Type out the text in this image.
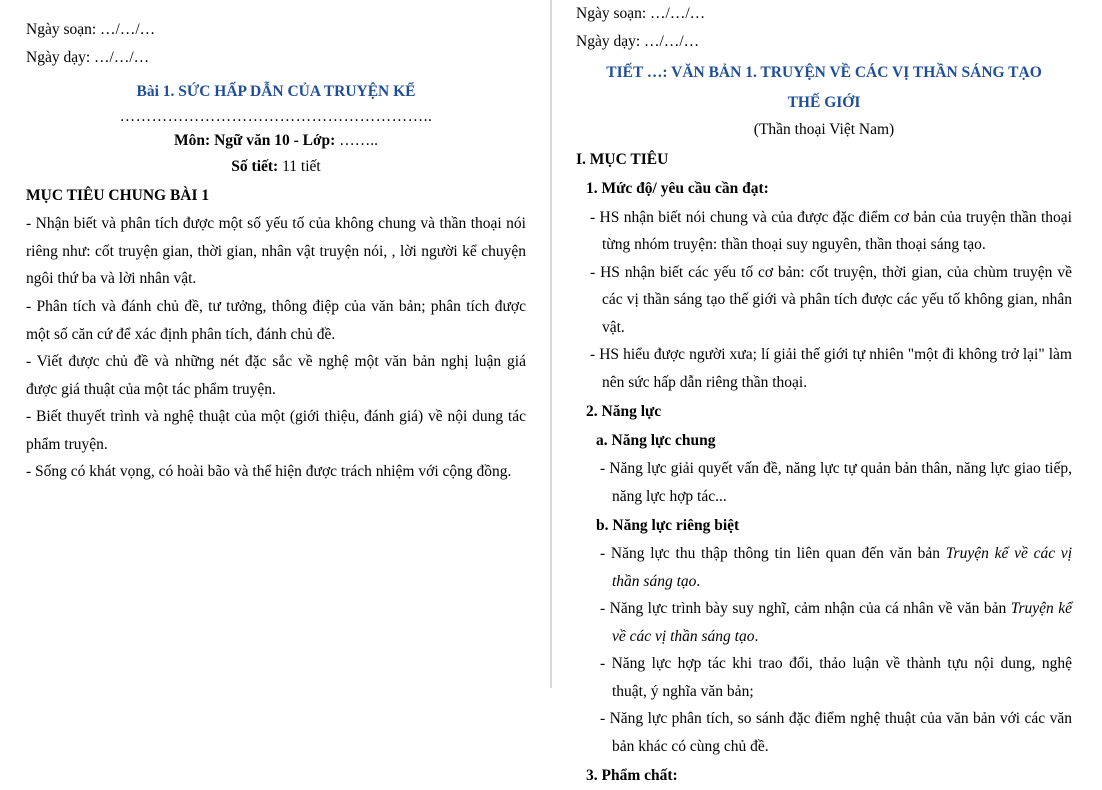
Ngày soạn: …/…/…
Ngày dạy: …/…/…
Bài 1. SỨC HẤP DẪN CỦA TRUYỆN KỂ
…………………………………………………..
Môn: Ngữ văn 10 - Lớp: ……..
Số tiết: 11 tiết
MỤC TIÊU CHUNG BÀI 1
- Nhận biết và phân tích được một số yếu tố của không chung và thần thoại nói riêng như: cốt truyện gian, thời gian, nhân vật truyện nói, , lời người kể chuyện ngôi thứ ba và lời nhân vật.
- Phân tích và đánh chủ đề, tư tưởng, thông điệp của văn bản; phân tích được một số căn cứ để xác định phân tích, đánh chủ đề.
- Viết được chủ đề và những nét đặc sắc về nghệ một văn bản nghị luận giá được giá thuật của một tác phẩm truyện.
- Biết thuyết trình và nghệ thuật của một (giới thiệu, đánh giá) về nội dung tác phẩm truyện.
- Sống có khát vọng, có hoài bão và thể hiện được trách nhiệm với cộng đồng.
Ngày soạn: …/…/…
Ngày dạy: …/…/…
TIẾT …: VĂN BẢN 1. TRUYỆN VỀ CÁC VỊ THẦN SÁNG TẠO
THẾ GIỚI
(Thần thoại Việt Nam)
I. MỤC TIÊU
1. Mức độ/ yêu cầu cần đạt:
- HS nhận biết nói chung và của được đặc điểm cơ bản của truyện thần thoại từng nhóm truyện: thần thoại suy nguyên, thần thoại sáng tạo.
- HS nhận biết các yếu tố cơ bản: cốt truyện, thời gian, của chùm truyện về các vị thần sáng tạo thế giới và phân tích được các yếu tố không gian, nhân vật.
- HS hiểu được người xưa; lí giải thế giới tự nhiên "một đi không trở lại" làm nên sức hấp dẫn riêng thần thoại.
2. Năng lực
a. Năng lực chung
- Năng lực giải quyết vấn đề, năng lực tự quản bản thân, năng lực giao tiếp, năng lực hợp tác...
b. Năng lực riêng biệt
- Năng lực thu thập thông tin liên quan đến văn bản Truyện kể về các vị thần sáng tạo.
- Năng lực trình bày suy nghĩ, cảm nhận của cá nhân về văn bản Truyện kể về các vị thần sáng tạo.
- Năng lực hợp tác khi trao đổi, thảo luận về thành tựu nội dung, nghệ thuật, ý nghĩa văn bản;
- Năng lực phân tích, so sánh đặc điểm nghệ thuật của văn bản với các văn bản khác có cùng chủ đề.
3. Phẩm chất:
